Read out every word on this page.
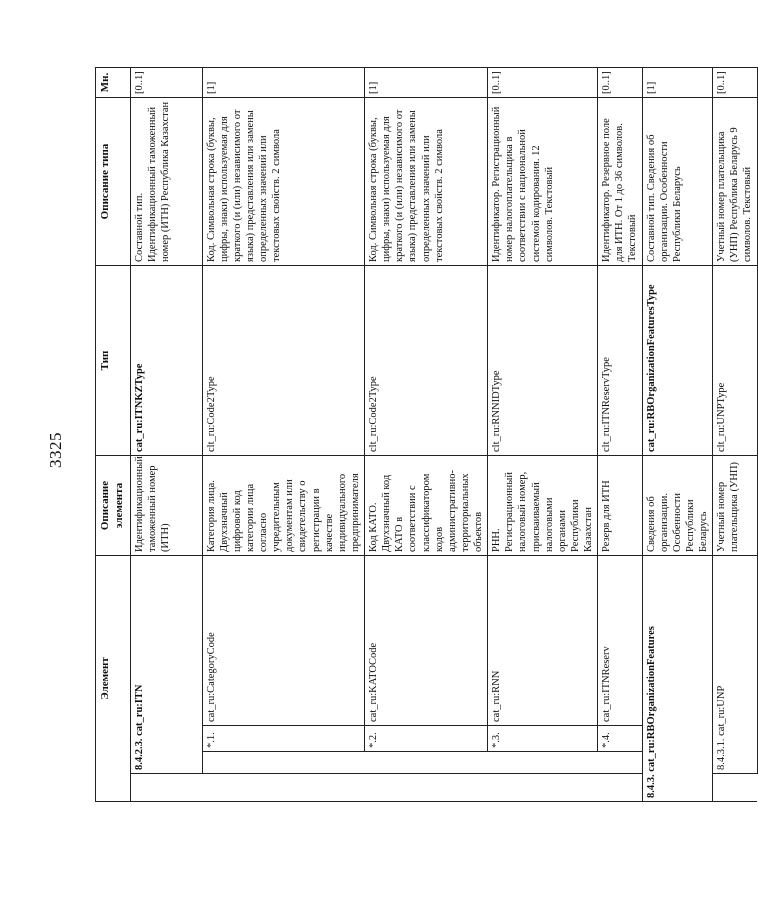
3325
Элемент				Описание элемента	Тип	Описание типа	Мн.
	8.4.2.3. cat_ru:ITN			Идентификационный таможенный номер (ИТН)	cat_ru:ITNKZType	Составной тип. Идентификационный таможенный номер (ИТН) Республика Казахстан	[0..1]
		*.1.	cat_ru:CategoryCode	Категория лица. Двухзначный цифровой код категории лица согласно учредительным документам или свидетельству о регистрации в качестве индивидуального предпринимателя	clt_ru:Code2Type	Код. Символьная строка (буквы, цифры, знаки) используемая для краткого (и (или) независимого от языка) представления или замены определенных значений или текстовых свойств. 2 символа	[1]
		*.2.	cat_ru:KATOCode	Код КАТО. Двухзначный код КАТО в соответствии с классификатором кодов административно-территориальных объектов	clt_ru:Code2Type	Код. Символьная строка (буквы, цифры, знаки) используемая для краткого (и (или) независимого от языка) представления или замены определенных значений или текстовых свойств. 2 символа	[1]
		*.3.	cat_ru:RNN	РНН. Регистрационный налоговый номер, присваиваемый налоговыми органами Республики Казахстан	clt_ru:RNNIDType	Идентификатор. Регистрационный номер налогоплательщика в соответствии с национальной системой кодирования. 12 символов. Текстовый	[0..1]
		*.4.	cat_ru:ITNReserv	Резерв для ИТН	clt_ru:ITNReservType	Идентификатор. Резервное поле для ИТН. От 1 до 36 символов. Текстовый	[0..1]
8.4.3. cat_ru:RBOrganizationFeatures				Сведения об организации. Особенности Республики Беларусь	cat_ru:RBOrganizationFeaturesType	Составной тип. Сведения об организации. Особенности Республики Беларусь	[1]
	8.4.3.1. cat_ru:UNP			Учетный номер плательщика (УНП)	clt_ru:UNPType	Учетный номер плательщика (УНП) Республика Беларусь 9 символов. Текстовый	[0..1]
